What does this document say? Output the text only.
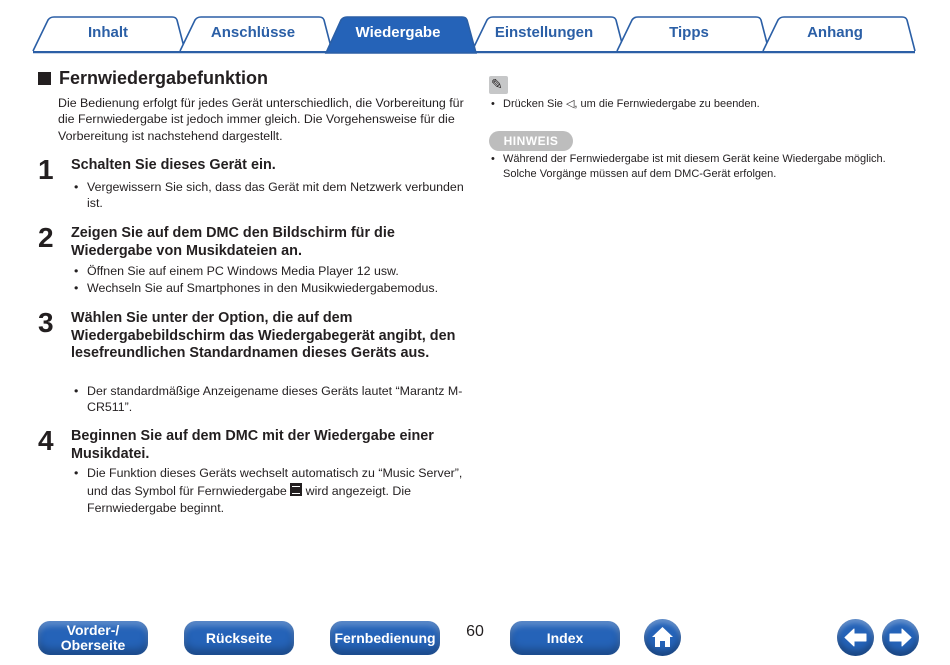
Inhalt	Anschlüsse	Wiedergabe	Einstellungen	Tipps	Anhang
Fernwiedergabefunktion
Die Bedienung erfolgt für jedes Gerät unterschiedlich, die Vorbereitung für die Fernwiedergabe ist jedoch immer gleich. Die Vorgehensweise für die Vorbereitung ist nachstehend dargestellt.
1 Schalten Sie dieses Gerät ein.
• Vergewissern Sie sich, dass das Gerät mit dem Netzwerk verbunden ist.
2 Zeigen Sie auf dem DMC den Bildschirm für die Wiedergabe von Musikdateien an.
• Öffnen Sie auf einem PC Windows Media Player 12 usw.
• Wechseln Sie auf Smartphones in den Musikwiedergabemodus.
3 Wählen Sie unter der Option, die auf dem Wiedergabebildschirm das Wiedergabegerät angibt, den lesefreundlichen Standardnamen dieses Geräts aus.
• Der standardmäßige Anzeigename dieses Geräts lautet “Marantz M-CR511”.
4 Beginnen Sie auf dem DMC mit der Wiedergabe einer Musikdatei.
• Die Funktion dieses Geräts wechselt automatisch zu “Music Server”, und das Symbol für Fernwiedergabe  wird angezeigt. Die Fernwiedergabe beginnt.
✎
• Drücken Sie ◁, um die Fernwiedergabe zu beenden.
HINWEIS
• Während der Fernwiedergabe ist mit diesem Gerät keine Wiedergabe möglich. Solche Vorgänge müssen auf dem DMC-Gerät erfolgen.
Vorder-/ Oberseite	Rückseite	Fernbedienung	60	Index
